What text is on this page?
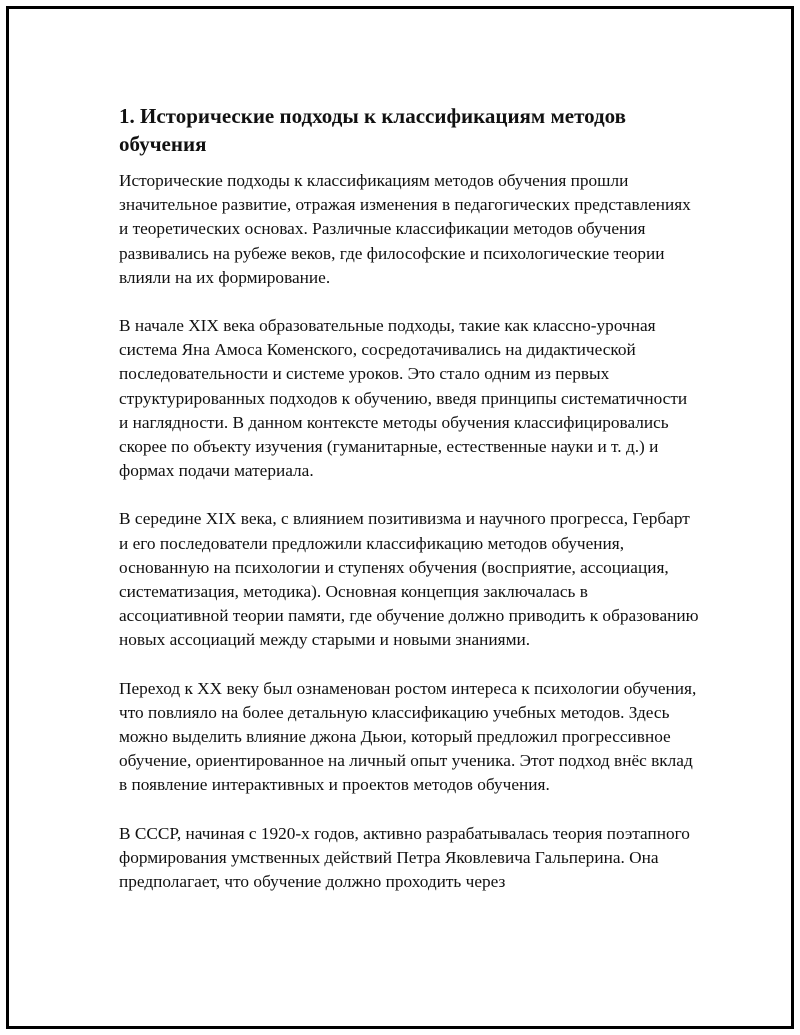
1. Исторические подходы к классификациям методов обучения

Исторические подходы к классификациям методов обучения прошли значительное развитие, отражая изменения в педагогических представлениях и теоретических основах. Различные классификации методов обучения развивались на рубеже веков, где философские и психологические теории влияли на их формирование.

В начале XIX века образовательные подходы, такие как классно-урочная система Яна Амоса Коменского, сосредотачивались на дидактической последовательности и системе уроков. Это стало одним из первых структурированных подходов к обучению, введя принципы систематичности и наглядности. В данном контексте методы обучения классифицировались скорее по объекту изучения (гуманитарные, естественные науки и т. д.) и формах подачи материала.

В середине XIX века, с влиянием позитивизма и научного прогресса, Гербарт и его последователи предложили классификацию методов обучения, основанную на психологии и ступенях обучения (восприятие, ассоциация, систематизация, методика). Основная концепция заключалась в ассоциативной теории памяти, где обучение должно приводить к образованию новых ассоциаций между старыми и новыми знаниями.

Переход к XX веку был ознаменован ростом интереса к психологии обучения, что повлияло на более детальную классификацию учебных методов. Здесь можно выделить влияние джона Дьюи, который предложил прогрессивное обучение, ориентированное на личный опыт ученика. Этот подход внёс вклад в появление интерактивных и проектов методов обучения.

В СССР, начиная с 1920-х годов, активно разрабатывалась теория поэтапного формирования умственных действий Петра Яковлевича Гальперина. Она предполагает, что обучение должно проходить через
